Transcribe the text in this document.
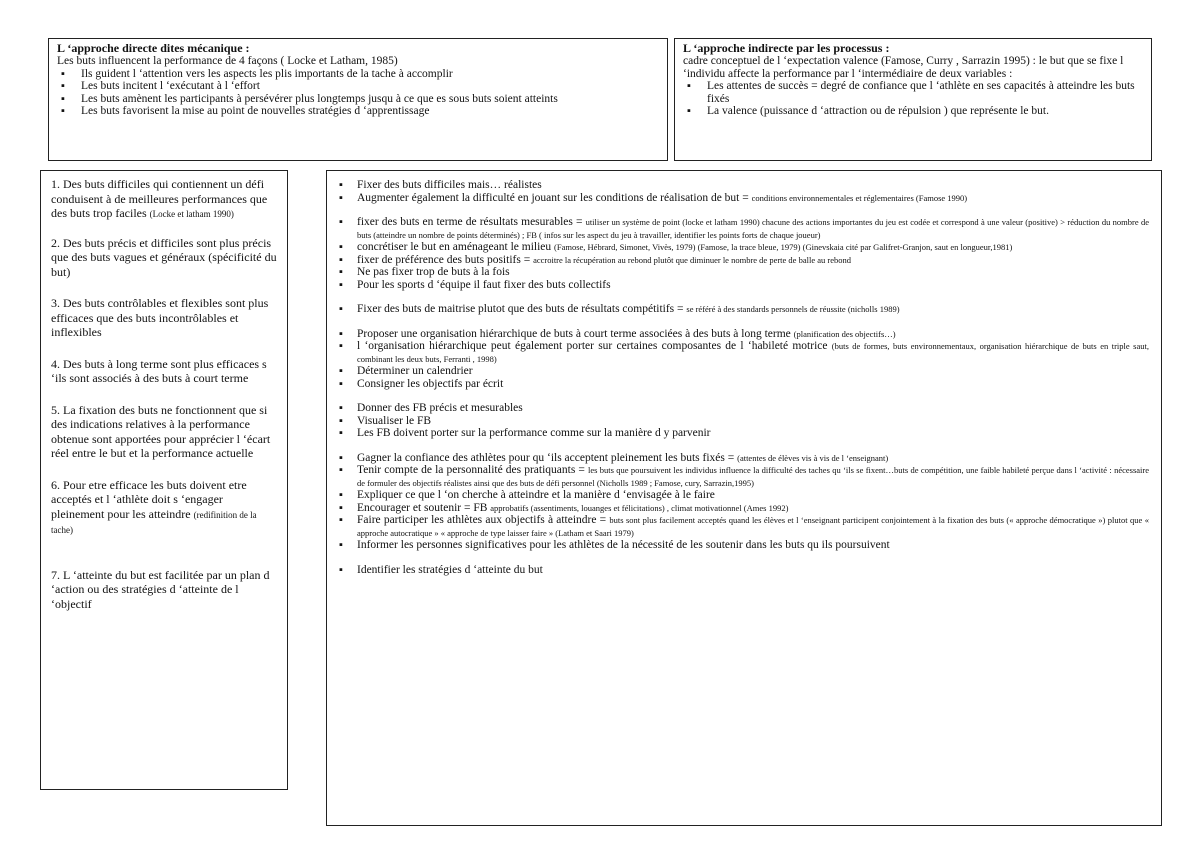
L ‘approche directe dites mécanique :
Les buts influencent la performance de 4 façons ( Locke et Latham, 1985)
▪ Ils guident l ‘attention vers les aspects les plis importants de la tache à accomplir
▪ Les buts incitent l ‘exécutant à l ‘effort
▪ Les buts amènent les participants à persévérer plus longtemps jusqu à ce que es sous buts soient atteints
▪ Les buts favorisent la mise au point de nouvelles stratégies d ‘apprentissage
L ‘approche indirecte par les processus :
cadre conceptuel de l ‘expectation valence (Famose, Curry , Sarrazin 1995) : le but que se fixe l ‘individu affecte la performance par l ‘intermédiaire de deux variables :
▪ Les attentes de succès = degré de confiance que l ‘athlète en ses capacités à atteindre les buts fixés
▪ La valence (puissance d ‘attraction ou de répulsion ) que représente le but.

1. Des buts difficiles qui contiennent un défi conduisent à de meilleures performances que des buts trop faciles (Locke et latham 1990)

2. Des buts précis et difficiles sont plus précis que des buts vagues et généraux (spécificité du but)

3. Des buts contrôlables et flexibles sont plus efficaces que des buts incontrôlables et inflexibles

4. Des buts à long terme sont plus efficaces s ‘ils sont associés à des buts à court terme

5. La fixation des buts ne fonctionnent que si des indications relatives à la performance obtenue sont apportées pour apprécier l ‘écart réel entre le but et la performance actuelle

6. Pour etre efficace les buts doivent etre acceptés et l ‘athlète doit s ‘engager pleinement pour les atteindre (redifinition de la tache)

7. L ‘atteinte du but est facilitée par un plan d ‘action ou des stratégies d ‘atteinte de l ‘objectif

▪ Fixer des buts difficiles mais… réalistes
▪ Augmenter également la difficulté en jouant sur les conditions de réalisation de but = conditions environnementales et réglementaires (Famose 1990)
▪ fixer des buts en terme de résultats mesurables = utiliser un système de point (locke et latham 1990) chacune des actions importantes du jeu est codée et correspond à une valeur (positive) > réduction du nombre de buts (atteindre un nombre de points déterminés) ; FB ( infos sur les aspect du jeu à travailler, identifier les points forts de chaque joueur)
▪ concrétiser le but en aménageant le milieu (Famose, Hébrard, Simonet, Vivès, 1979) (Famose, la trace bleue, 1979) (Ginevskaia cité par Galifret-Granjon, saut en longueur,1981)
▪ fixer de préférence des buts positifs = accroitre la récupération au rebond plutôt que diminuer le nombre de perte de balle au rebond
▪ Ne pas fixer trop de buts à la fois
▪ Pour les sports d ‘équipe il faut fixer des buts collectifs
▪ Fixer des buts de maitrise plutot que des buts de résultats compétitifs = se référé à des standards personnels de réussite (nicholls 1989)
▪ Proposer une organisation hiérarchique de buts à court terme associées à des buts à long terme (planification des objectifs…)
▪ l ‘organisation hiérarchique peut également porter sur certaines composantes de l ‘habileté motrice (buts de formes, buts environnementaux, organisation hiérarchique de buts en triple saut, combinant les deux buts, Ferranti , 1998)
▪ Déterminer un calendrier
▪ Consigner les objectifs par écrit
▪ Donner des FB précis et mesurables
▪ Visualiser le FB
▪ Les FB doivent porter sur la performance comme sur la manière d y parvenir
▪ Gagner la confiance des athlètes pour qu ‘ils acceptent pleinement les buts fixés = (attentes de élèves vis à vis de l ‘enseignant)
▪ Tenir compte de la personnalité des pratiquants = les buts que poursuivent les individus influence la difficulté des taches qu ‘ils se fixent…buts de compétition, une faible habileté perçue dans l ‘activité : nécessaire de formuler des objectifs réalistes ainsi que des buts de défi personnel (Nicholls 1989 ; Famose, cury, Sarrazin,1995)
▪ Expliquer ce que l ‘on cherche à atteindre et la manière d ‘envisagée à le faire
▪ Encourager et soutenir = FB approbatifs (assentiments, louanges et félicitations) , climat motivationnel (Ames 1992)
▪ Faire participer les athlètes aux objectifs à atteindre = buts sont plus facilement acceptés quand les élèves et l ‘enseignant participent conjointement à la fixation des buts (« approche démocratique ») plutot que « approche autocratique » « approche de type laisser faire » (Latham et Saari 1979)
▪ Informer les personnes significatives pour les athlètes de la nécessité de les soutenir dans les buts qu ils poursuivent
▪ Identifier les stratégies d ‘atteinte du but
